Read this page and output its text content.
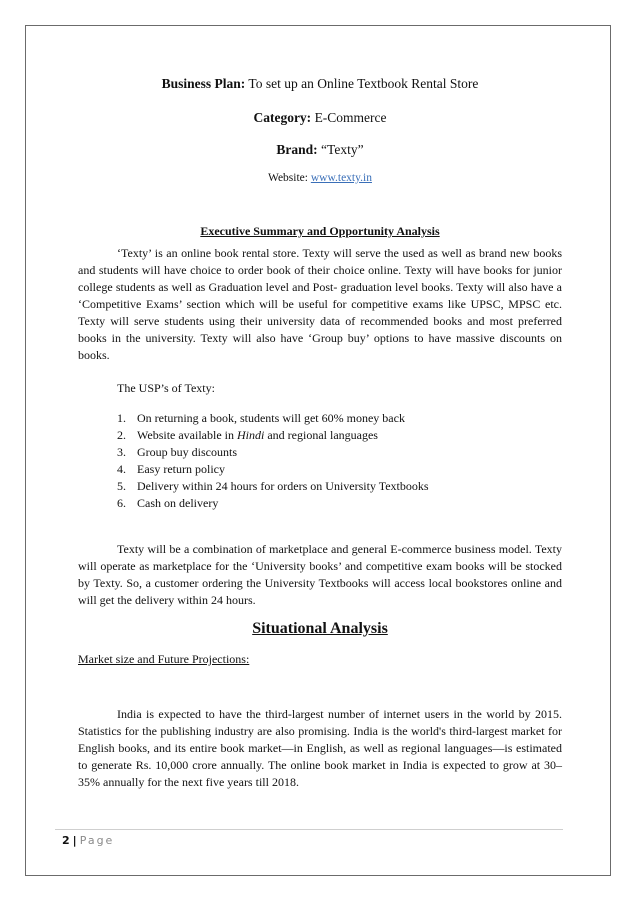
Business Plan: To set up an Online Textbook Rental Store
Category: E-Commerce
Brand: “Texty”
Website: www.texty.in
Executive Summary and Opportunity Analysis
‘Texty’ is an online book rental store. Texty will serve the used as well as brand new books and students will have choice to order book of their choice online. Texty will have books for junior college students as well as Graduation level and Post- graduation level books. Texty will also have a ‘Competitive Exams’ section which will be useful for competitive exams like UPSC, MPSC etc. Texty will serve students using their university data of recommended books and most preferred books in the university. Texty will also have ‘Group buy’ options to have massive discounts on books.
The USP’s of Texty:
1. On returning a book, students will get 60% money back
2. Website available in Hindi and regional languages
3. Group buy discounts
4. Easy return policy
5. Delivery within 24 hours for orders on University Textbooks
6. Cash on delivery
Texty will be a combination of marketplace and general E-commerce business model. Texty will operate as marketplace for the ‘University books’ and competitive exam books will be stocked by Texty. So, a customer ordering the University Textbooks will access local bookstores online and will get the delivery within 24 hours.
Situational Analysis
Market size and Future Projections:
India is expected to have the third-largest number of internet users in the world by 2015. Statistics for the publishing industry are also promising. India is the world's third-largest market for English books, and its entire book market—in English, as well as regional languages—is estimated to generate Rs. 10,000 crore annually. The online book market in India is expected to grow at 30–35% annually for the next five years till 2018.
2 | Page
